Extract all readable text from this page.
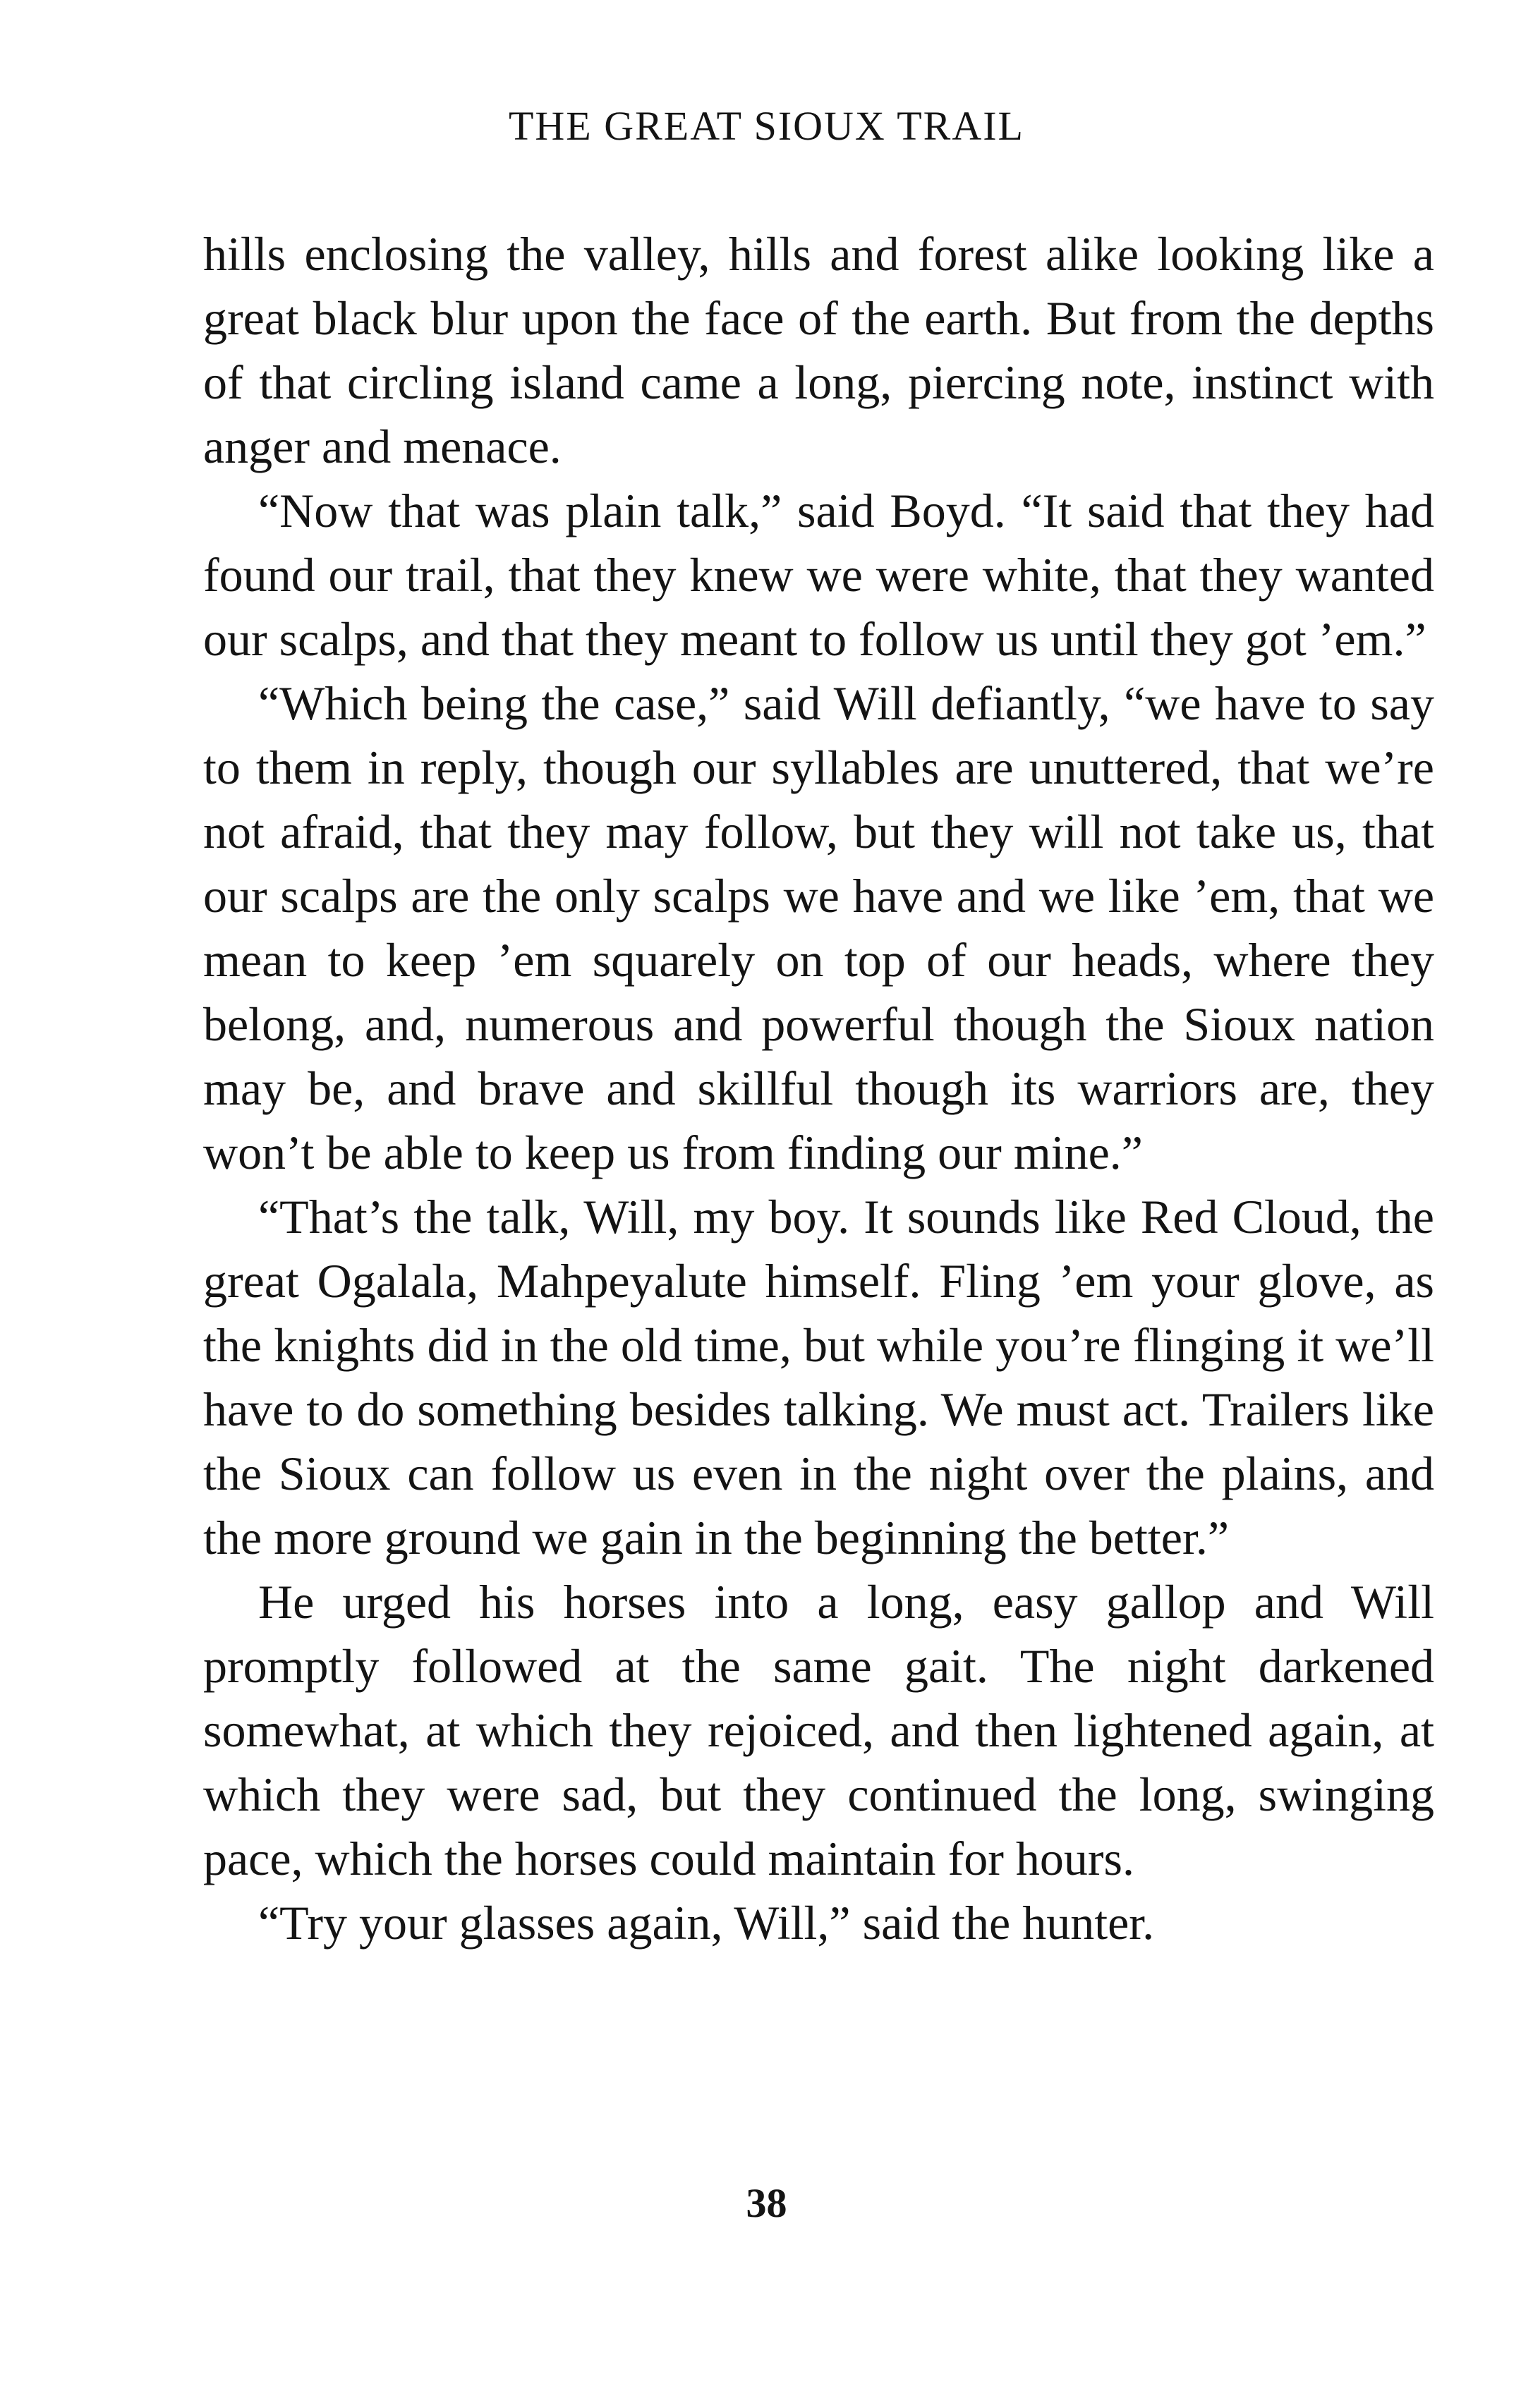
THE GREAT SIOUX TRAIL

hills enclosing the valley, hills and forest alike looking like a great black blur upon the face of the earth. But from the depths of that circling island came a long, piercing note, instinct with anger and menace.

“Now that was plain talk,” said Boyd. “It said that they had found our trail, that they knew we were white, that they wanted our scalps, and that they meant to follow us until they got ’em.”

“Which being the case,” said Will defiantly, “we have to say to them in reply, though our syllables are unuttered, that we’re not afraid, that they may follow, but they will not take us, that our scalps are the only scalps we have and we like ’em, that we mean to keep ’em squarely on top of our heads, where they belong, and, numerous and powerful though the Sioux nation may be, and brave and skillful though its warriors are, they won’t be able to keep us from finding our mine.”

“That’s the talk, Will, my boy. It sounds like Red Cloud, the great Ogalala, Mahpeyalute himself. Fling ’em your glove, as the knights did in the old time, but while you’re flinging it we’ll have to do something besides talking. We must act. Trailers like the Sioux can follow us even in the night over the plains, and the more ground we gain in the beginning the better.”

He urged his horses into a long, easy gallop and Will promptly followed at the same gait. The night darkened somewhat, at which they rejoiced, and then lightened again, at which they were sad, but they continued the long, swinging pace, which the horses could maintain for hours.

“Try your glasses again, Will,” said the hunter.

38
